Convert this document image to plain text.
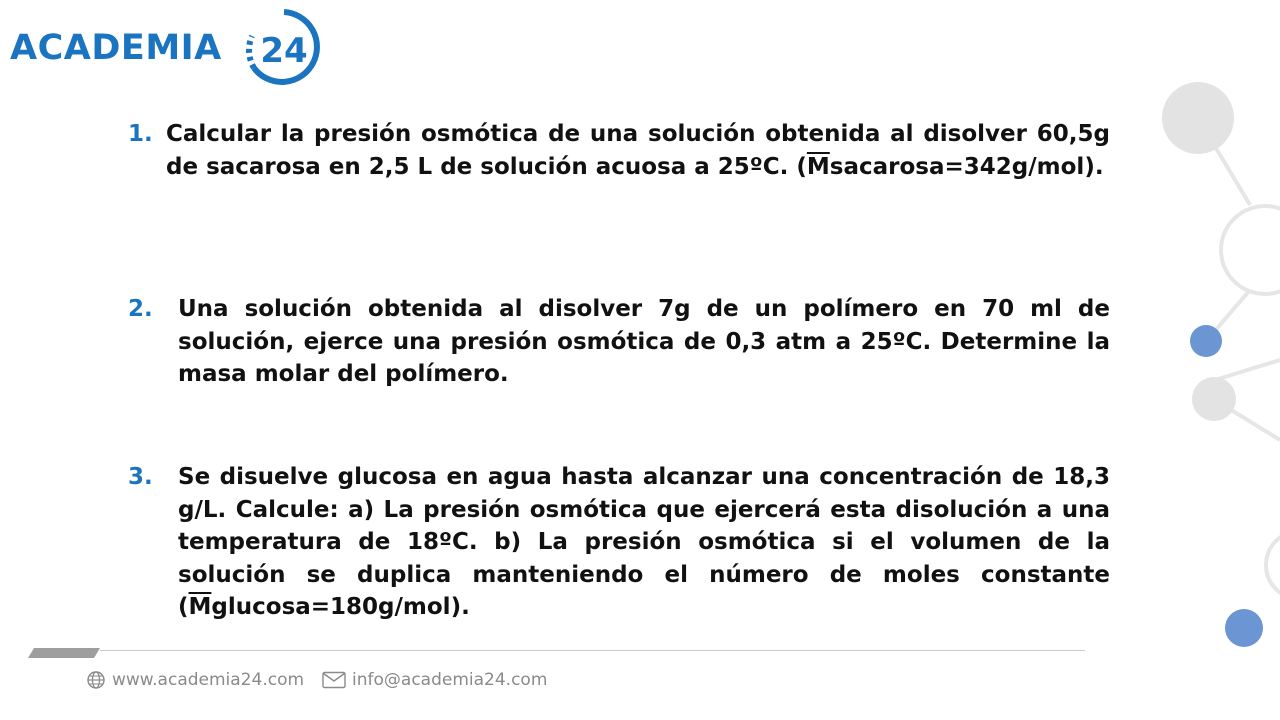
ACADEMIA 24
1. Calcular la presión osmótica de una solución obtenida al disolver 60,5g de sacarosa en 2,5 L de solución acuosa a 25ºC. $(\overline{M}sacarosa=342g/mol)$.
2.	Una solución obtenida al disolver 7g de un polímero en 70 ml de solución, ejerce una presión osmótica de 0,3 atm a 25ºC. Determine la masa molar del polímero.
3.	Se disuelve glucosa en agua hasta alcanzar una concentración de 18,3 g/L. Calcule: a) La presión osmótica que ejercerá esta disolución a una temperatura de 18ºC. b) La presión osmótica si el volumen de la solución se duplica manteniendo el número de moles constante $(\overline{M}glucosa=180g/mol)$.
www.academia24.com	info@academia24.com
